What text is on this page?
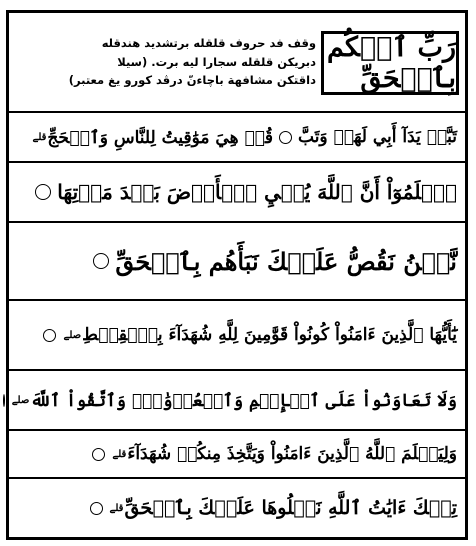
وقف فد حروف قلقله برتشديد هندقله
دبريكن قلقله سجارا ليه برت. (سيلا
داقتكن مشافهة باچاءنّ درڤد كورو يغ معتبر)
رَبِّ ٱحۡكُم بِٱلۡحَقِّ
تَبَّتۡ يَدَآ أَبِي لَهَبٖ وَتَبَّ
قُلۡ هِيَ مَوَٰقِيتُ لِلنَّاسِ وَٱلۡحَجِّ
قلے
ٱعۡلَمُوٓاْ أَنَّ ٱللَّهَ يُحۡيِ ٱلۡأَرۡضَ بَعۡدَ مَوۡتِهَا
نَّحۡنُ نَقُصُّ عَلَيۡكَ نَبَأَهُم بِٱلۡحَقِّ
يَٰٓأَيُّهَا ٱلَّذِينَ ءَامَنُواْ كُونُواْ قَوَّٰمِينَ لِلَّهِ شُهَدَآءَ بِٱلۡقِسۡطِ
صلے
وَلَا تَعَاوَنُواْ عَلَى ٱلۡإِثۡمِ وَٱلۡعُدۡوَٰنِۚ وَٱتَّقُواْ ٱللَّهَ
صلے
وَلِيَعۡلَمَ ٱللَّهُ ٱلَّذِينَ ءَامَنُواْ وَيَتَّخِذَ مِنكُمۡ شُهَدَآءَ
قلے
تِلۡكَ ءَايَٰتُ ٱللَّهِ نَتۡلُوهَا عَلَيۡكَ بِٱلۡحَقِّ
قلے
